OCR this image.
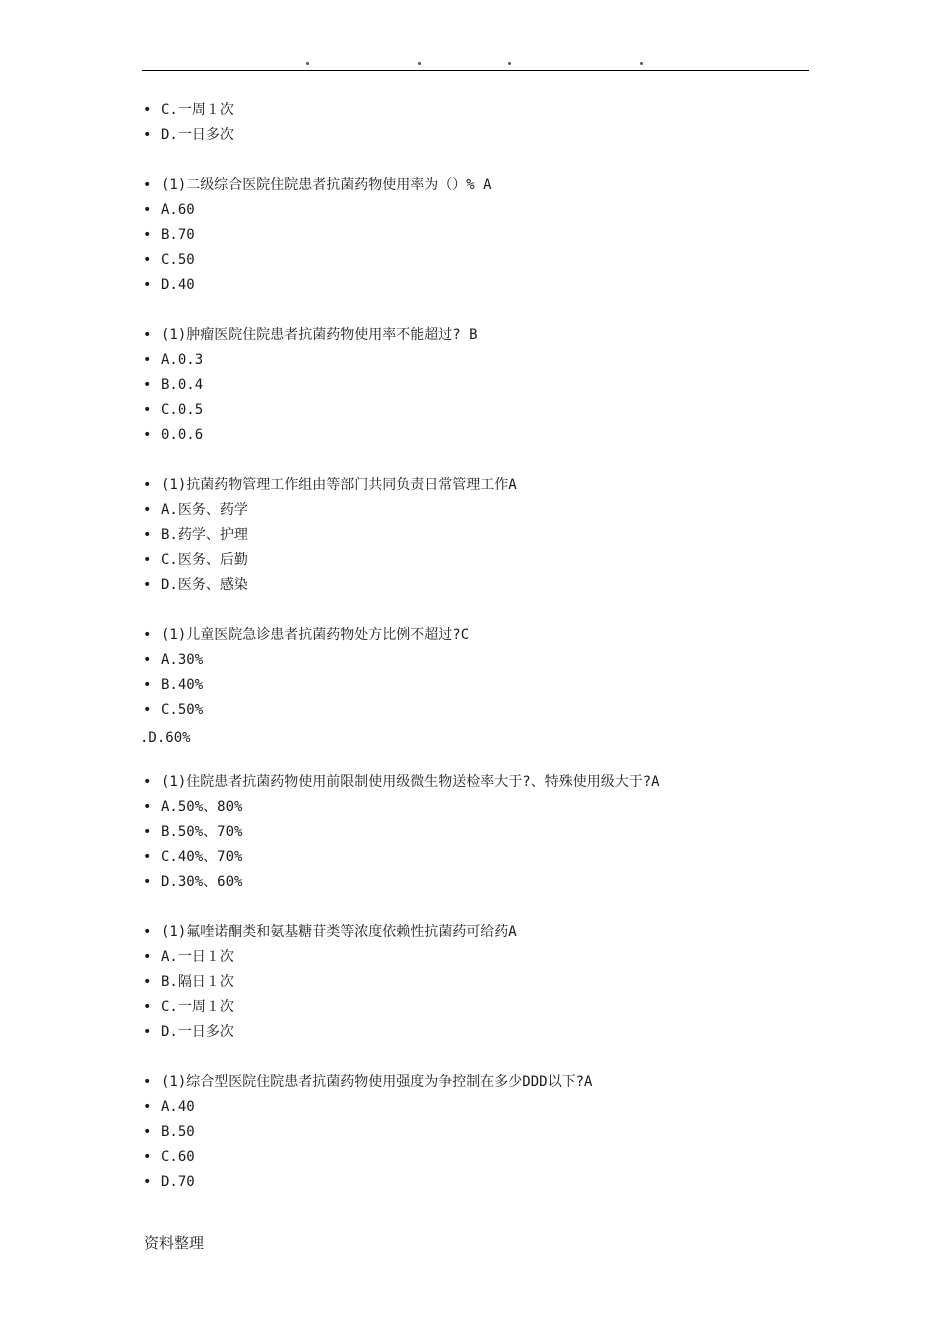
• C.一周１次
• D.一日多次
• (1)二级综合医院住院患者抗菌药物使用率为（）% A
• A.60
• B.70
• C.50
• D.40
• (1)肿瘤医院住院患者抗菌药物使用率不能超过? B
• A.0.3
• B.0.4
• C.0.5
• 0.0.6
• (1)抗菌药物管理工作组由等部门共同负责日常管理工作A
• A.医务、药学
• B.药学、护理
• C.医务、后勤
• D.医务、感染
• (1)儿童医院急诊患者抗菌药物处方比例不超过?C
• A.30%
• B.40%
• C.50%
.D.60%
• (1)住院患者抗菌药物使用前限制使用级微生物送检率大于?、特殊使用级大于?A
• A.50%、80%
• B.50%、70%
• C.40%、70%
• D.30%、60%
• (1)氟喹诺酮类和氨基糖苷类等浓度依赖性抗菌药可给药A
• A.一日１次
• B.隔日１次
• C.一周１次
• D.一日多次
• (1)综合型医院住院患者抗菌药物使用强度为争控制在多少DDD以下?A
• A.40
• B.50
• C.60
• D.70
资料整理
